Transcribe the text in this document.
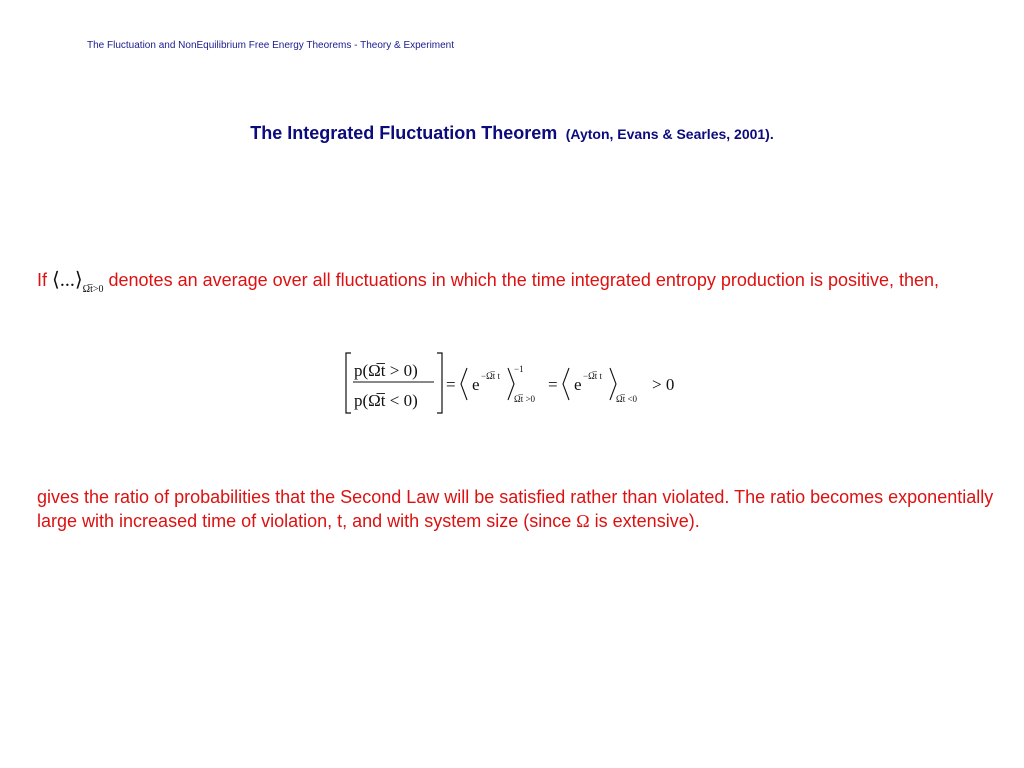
The Fluctuation and NonEquilibrium Free Energy Theorems - Theory & Experiment
The Integrated Fluctuation Theorem (Ayton, Evans & Searles, 2001).
If $⟨...⟩_{\Omega̅t>0}$ denotes an average over all fluctuations in which the time integrated entropy production is positive, then,
p(Ω̅t > 0)
p(Ω̅t < 0)
= e −Ω̅t t
−1
Ω̅t >0
= e −Ω̅t t
Ω̅t <0
> 0
gives the ratio of probabilities that the Second Law will be satisfied rather than violated. The ratio becomes exponentially large with increased time of violation, t, and with system size (since Ω is extensive).
